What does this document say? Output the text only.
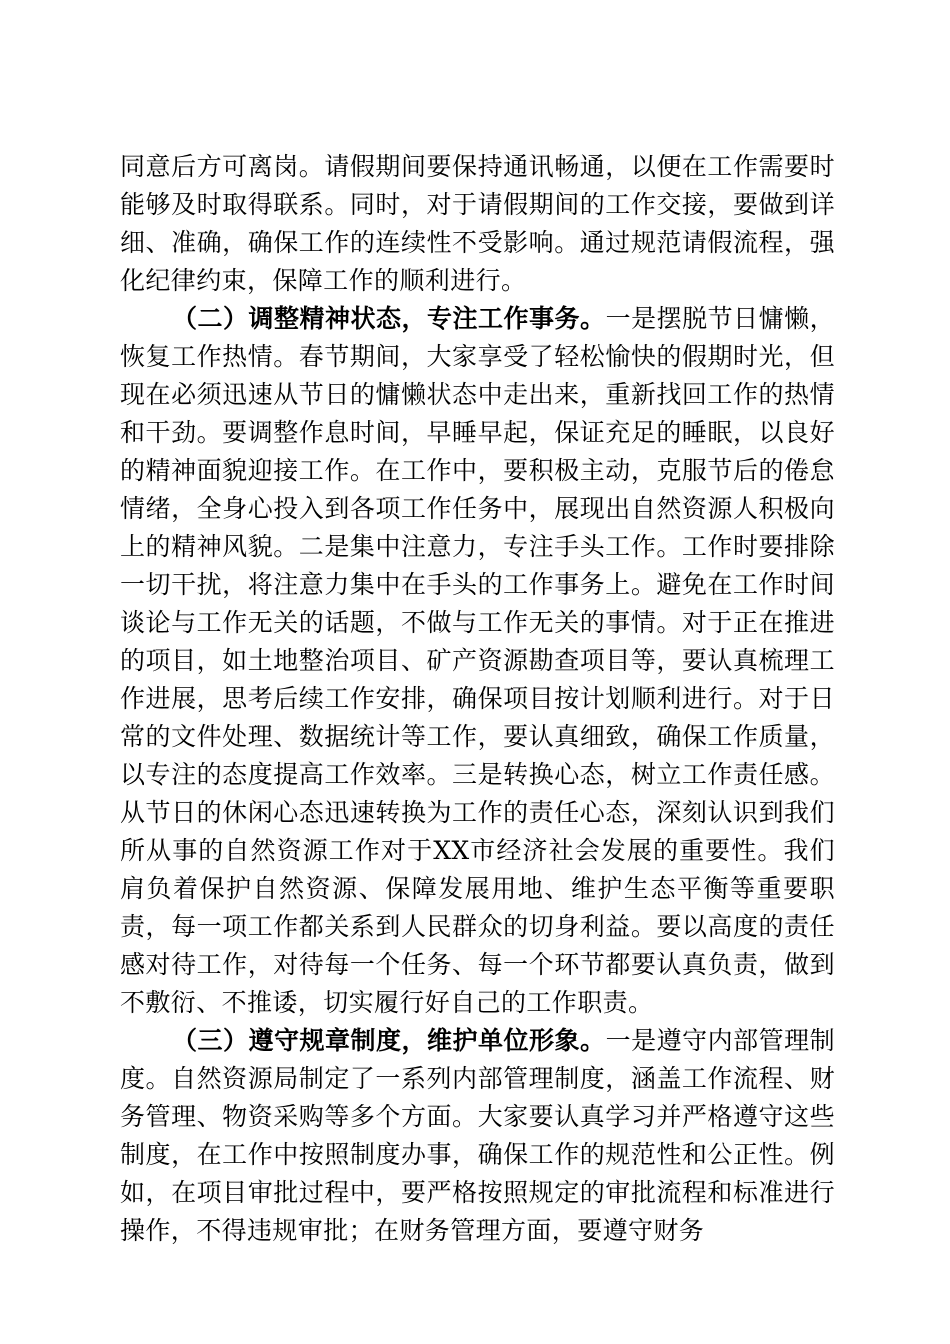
同意后方可离岗。请假期间要保持通讯畅通，以便在工作需要时能够及时取得联系。同时，对于请假期间的工作交接，要做到详细、准确，确保工作的连续性不受影响。通过规范请假流程，强化纪律约束，保障工作的顺利进行。

（二）调整精神状态，专注工作事务。一是摆脱节日慵懒，恢复工作热情。春节期间，大家享受了轻松愉快的假期时光，但现在必须迅速从节日的慵懒状态中走出来，重新找回工作的热情和干劲。要调整作息时间，早睡早起，保证充足的睡眠，以良好的精神面貌迎接工作。在工作中，要积极主动，克服节后的倦怠情绪，全身心投入到各项工作任务中，展现出自然资源人积极向上的精神风貌。二是集中注意力，专注手头工作。工作时要排除一切干扰，将注意力集中在手头的工作事务上。避免在工作时间谈论与工作无关的话题，不做与工作无关的事情。对于正在推进的项目，如土地整治项目、矿产资源勘查项目等，要认真梳理工作进展，思考后续工作安排，确保项目按计划顺利进行。对于日常的文件处理、数据统计等工作，要认真细致，确保工作质量，以专注的态度提高工作效率。三是转换心态，树立工作责任感。从节日的休闲心态迅速转换为工作的责任心态，深刻认识到我们所从事的自然资源工作对于XX市经济社会发展的重要性。我们肩负着保护自然资源、保障发展用地、维护生态平衡等重要职责，每一项工作都关系到人民群众的切身利益。要以高度的责任感对待工作，对待每一个任务、每一个环节都要认真负责，做到不敷衍、不推诿，切实履行好自己的工作职责。

（三）遵守规章制度，维护单位形象。一是遵守内部管理制度。自然资源局制定了一系列内部管理制度，涵盖工作流程、财务管理、物资采购等多个方面。大家要认真学习并严格遵守这些制度，在工作中按照制度办事，确保工作的规范性和公正性。例如，在项目审批过程中，要严格按照规定的审批流程和标准进行操作，不得违规审批；在财务管理方面，要遵守财务
